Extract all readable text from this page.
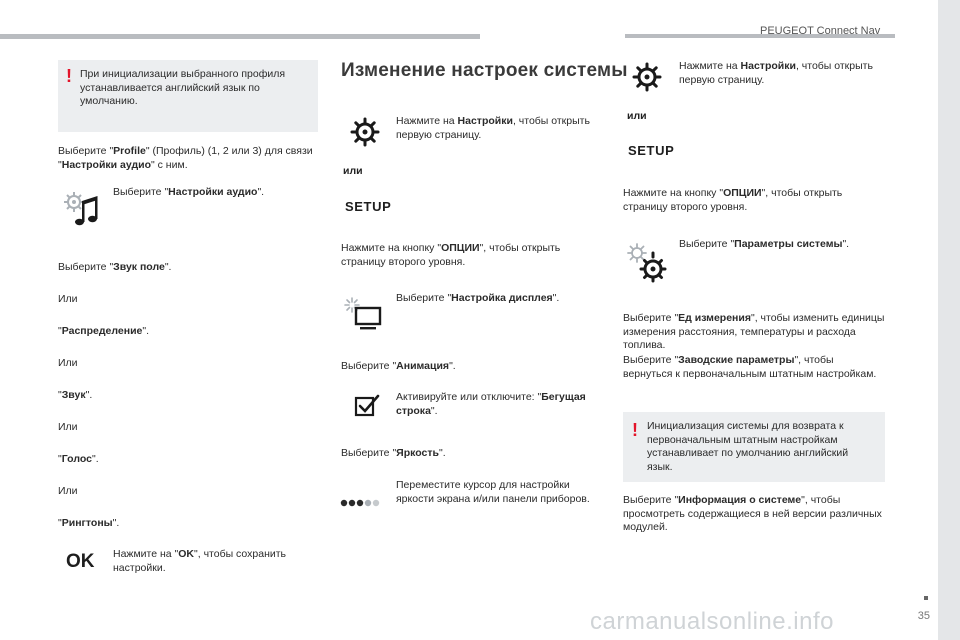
PEUGEOT Connect Nav
35
! При инициализации выбранного профиля устанавливается английский язык по умолчанию.
Выберите "Profile" (Профиль) (1, 2 или 3) для связи "Настройки аудио" с ним.
Выберите "Настройки аудио".
Выберите "Звук поле".
Или
"Распределение".
Или
"Звук".
Или
"Голос".
Или
"Рингтоны".
OK Нажмите на "OK", чтобы сохранить настройки.
Изменение настроек системы
Нажмите на Настройки, чтобы открыть первую страницу.
или
SETUP
Нажмите на кнопку "ОПЦИИ", чтобы открыть страницу второго уровня.
Выберите "Настройка дисплея".
Выберите "Анимация".
Активируйте или отключите: "Бегущая строка".
Выберите "Яркость".
Переместите курсор для настройки яркости экрана и/или панели приборов.
Нажмите на Настройки, чтобы открыть первую страницу.
или
SETUP
Нажмите на кнопку "ОПЦИИ", чтобы открыть страницу второго уровня.
Выберите "Параметры системы".
Выберите "Ед измерения", чтобы изменить единицы измерения расстояния, температуры и расхода топлива.
Выберите "Заводские параметры", чтобы вернуться к первоначальным штатным настройкам.
! Инициализация системы для возврата к первоначальным штатным настройкам устанавливает по умолчанию английский язык.
Выберите "Информация о системе", чтобы просмотреть содержащиеся в ней версии различных модулей.
carmanualsonline.info
